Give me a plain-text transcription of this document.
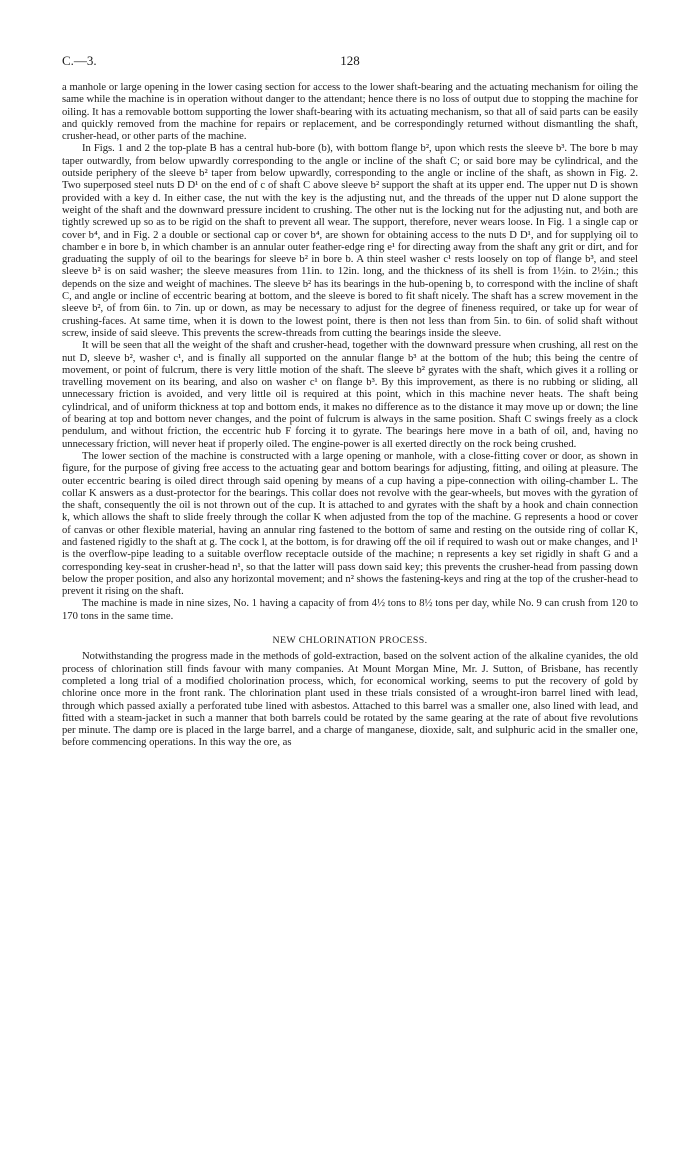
C.—3.	128

a manhole or large opening in the lower casing section for access to the lower shaft-bearing and the actuating mechanism for oiling the same while the machine is in operation without danger to the attendant; hence there is no loss of output due to stopping the machine for oiling. It has a removable bottom supporting the lower shaft-bearing with its actuating mechanism, so that all of said parts can be easily and quickly removed from the machine for repairs or replacement, and be correspondingly returned without dismantling the shaft, crusher-head, or other parts of the machine.

In Figs. 1 and 2 the top-plate B has a central hub-bore (b), with bottom flange b², upon which rests the sleeve b³. The bore b may taper outwardly, from below upwardly corresponding to the angle or incline of the shaft C; or said bore may be cylindrical, and the outside periphery of the sleeve b² taper from below upwardly, corresponding to the angle or incline of the shaft, as shown in Fig. 2. Two superposed steel nuts D D¹ on the end of c of shaft C above sleeve b² support the shaft at its upper end. The upper nut D is shown provided with a key d. In either case, the nut with the key is the adjusting nut, and the threads of the upper nut D alone support the weight of the shaft and the downward pressure incident to crushing. The other nut is the locking nut for the adjusting nut, and both are tightly screwed up so as to be rigid on the shaft to prevent all wear. The support, therefore, never wears loose. In Fig. 1 a single cap or cover b⁴, and in Fig. 2 a double or sectional cap or cover b⁴, are shown for obtaining access to the nuts D D¹, and for supplying oil to chamber e in bore b, in which chamber is an annular outer feather-edge ring e¹ for directing away from the shaft any grit or dirt, and for graduating the supply of oil to the bearings for sleeve b² in bore b. A thin steel washer c¹ rests loosely on top of flange b³, and steel sleeve b² is on said washer; the sleeve measures from 11in. to 12in. long, and the thickness of its shell is from 1½in. to 2½in.; this depends on the size and weight of machines. The sleeve b² has its bearings in the hub-opening b, to correspond with the incline of shaft C, and angle or incline of eccentric bearing at bottom, and the sleeve is bored to fit shaft nicely. The shaft has a screw movement in the sleeve b², of from 6in. to 7in. up or down, as may be necessary to adjust for the degree of fineness required, or take up for wear of crushing-faces. At same time, when it is down to the lowest point, there is then not less than from 5in. to 6in. of solid shaft without screw, inside of said sleeve. This prevents the screw-threads from cutting the bearings inside the sleeve.

It will be seen that all the weight of the shaft and crusher-head, together with the downward pressure when crushing, all rest on the nut D, sleeve b², washer c¹, and is finally all supported on the annular flange b³ at the bottom of the hub; this being the centre of movement, or point of fulcrum, there is very little motion of the shaft. The sleeve b² gyrates with the shaft, which gives it a rolling or travelling movement on its bearing, and also on washer c¹ on flange b³. By this improvement, as there is no rubbing or sliding, all unnecessary friction is avoided, and very little oil is required at this point, which in this machine never heats. The shaft being cylindrical, and of uniform thickness at top and bottom ends, it makes no difference as to the distance it may move up or down; the line of bearing at top and bottom never changes, and the point of fulcrum is always in the same position. Shaft C swings freely as a clock pendulum, and without friction, the eccentric hub F forcing it to gyrate. The bearings here move in a bath of oil, and, having no unnecessary friction, will never heat if properly oiled. The engine-power is all exerted directly on the rock being crushed.

The lower section of the machine is constructed with a large opening or manhole, with a close-fitting cover or door, as shown in figure, for the purpose of giving free access to the actuating gear and bottom bearings for adjusting, fitting, and oiling at pleasure. The outer eccentric bearing is oiled direct through said opening by means of a cup having a pipe-connection with oiling-chamber L. The collar K answers as a dust-protector for the bearings. This collar does not revolve with the gear-wheels, but moves with the gyration of the shaft, consequently the oil is not thrown out of the cup. It is attached to and gyrates with the shaft by a hook and chain connection k, which allows the shaft to slide freely through the collar K when adjusted from the top of the machine. G represents a hood or cover of canvas or other flexible material, having an annular ring fastened to the bottom of same and resting on the outside ring of collar K, and fastened rigidly to the shaft at g. The cock l, at the bottom, is for drawing off the oil if required to wash out or make changes, and l¹ is the overflow-pipe leading to a suitable overflow receptacle outside of the machine; n represents a key set rigidly in shaft G and a corresponding key-seat in crusher-head n¹, so that the latter will pass down said key; this prevents the crusher-head from passing down below the proper position, and also any horizontal movement; and n² shows the fastening-keys and ring at the top of the crusher-head to prevent it rising on the shaft.

The machine is made in nine sizes, No. 1 having a capacity of from 4½ tons to 8½ tons per day, while No. 9 can crush from 120 to 170 tons in the same time.

NEW CHLORINATION PROCESS.

Notwithstanding the progress made in the methods of gold-extraction, based on the solvent action of the alkaline cyanides, the old process of chlorination still finds favour with many companies. At Mount Morgan Mine, Mr. J. Sutton, of Brisbane, has recently completed a long trial of a modified cholorination process, which, for economical working, seems to put the recovery of gold by chlorine once more in the front rank. The chlorination plant used in these trials consisted of a wrought-iron barrel lined with lead, through which passed axially a perforated tube lined with asbestos. Attached to this barrel was a smaller one, also lined with lead, and fitted with a steam-jacket in such a manner that both barrels could be rotated by the same gearing at the rate of about five revolutions per minute. The damp ore is placed in the large barrel, and a charge of manganese, dioxide, salt, and sulphuric acid in the smaller one, before commencing operations. In this way the ore, as
